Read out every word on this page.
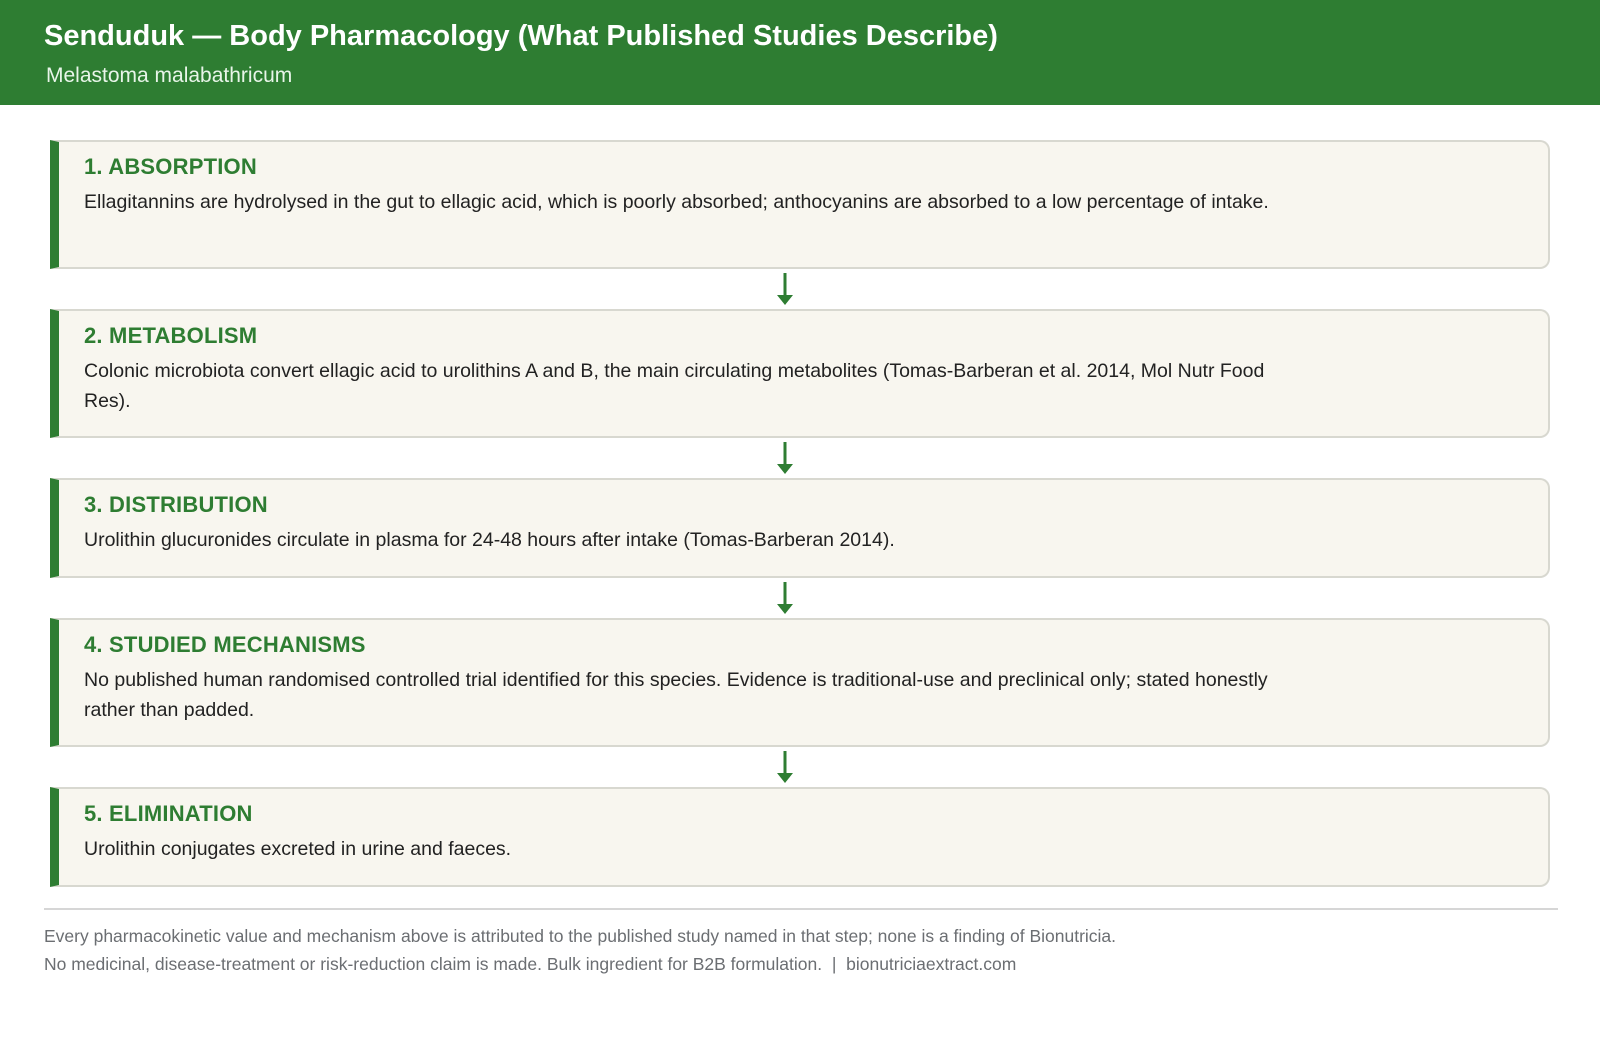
Senduduk — Body Pharmacology (What Published Studies Describe)
Melastoma malabathricum
1. ABSORPTION
Ellagitannins are hydrolysed in the gut to ellagic acid, which is poorly absorbed; anthocyanins are absorbed to a low percentage of intake.
2. METABOLISM
Colonic microbiota convert ellagic acid to urolithins A and B, the main circulating metabolites (Tomas-Barberan et al. 2014, Mol Nutr Food Res).
3. DISTRIBUTION
Urolithin glucuronides circulate in plasma for 24-48 hours after intake (Tomas-Barberan 2014).
4. STUDIED MECHANISMS
No published human randomised controlled trial identified for this species. Evidence is traditional-use and preclinical only; stated honestly rather than padded.
5. ELIMINATION
Urolithin conjugates excreted in urine and faeces.
Every pharmacokinetic value and mechanism above is attributed to the published study named in that step; none is a finding of Bionutricia.
No medicinal, disease-treatment or risk-reduction claim is made. Bulk ingredient for B2B formulation.  |  bionutriciaextract.com
